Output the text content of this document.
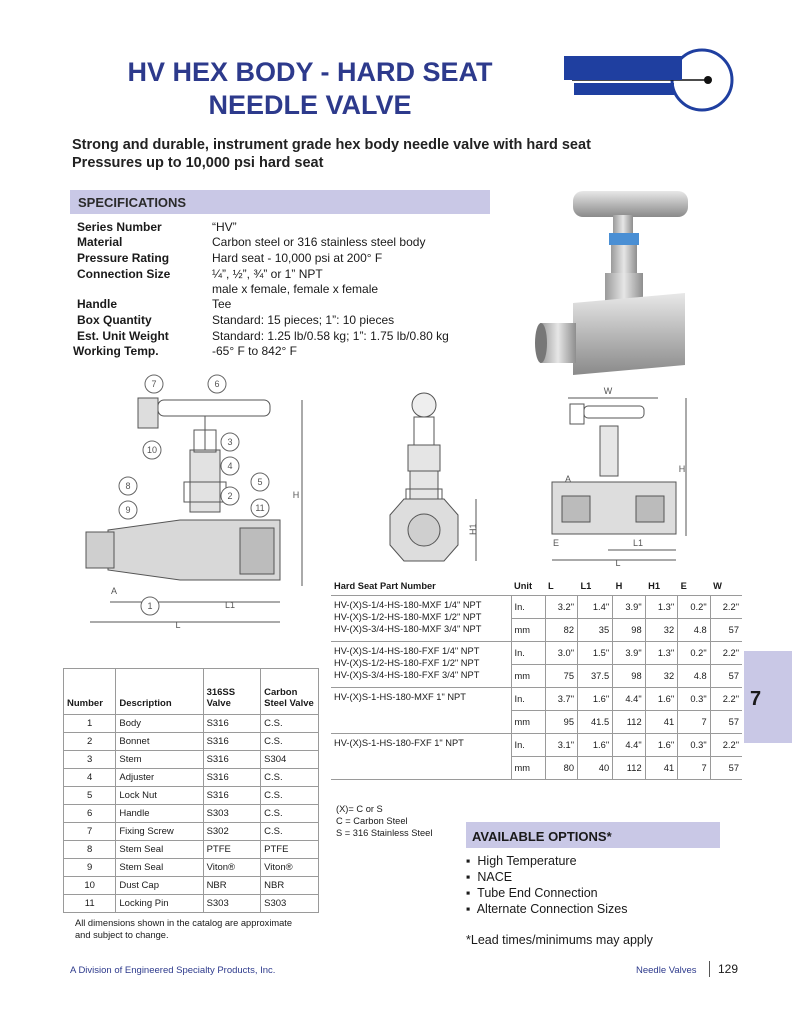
HV HEX BODY - HARD SEAT
NEEDLE VALVE
Strong and durable, instrument grade hex body needle valve with hard seat
Pressures up to 10,000 psi hard seat
SPECIFICATIONS
Series Number	“HV”
Material	Carbon steel or 316 stainless steel body
Pressure Rating	Hard seat - 10,000 psi at 200° F
Connection Size	¼”, ½”, ¾” or 1” NPT
male x female, female x female
Handle	Tee
Box Quantity	Standard: 15 pieces; 1”: 10 pieces
Est. Unit Weight	Standard: 1.25 lb/0.58 kg; 1”: 1.75 lb/0.80 kg
Working Temp.	-65° F to 842° F
7	6
3
10
4
8	5
2
9	11
1
H
L1
L
A
H1
W
H
A
E	L1
L
Hard Seat Part Number	Unit	L	L1	H	H1	E	W

HV-(X)S-1/4-HS-180-MXF 1/4" NPT
HV-(X)S-1/2-HS-180-MXF 1/2" NPT
HV-(X)S-3/4-HS-180-MXF 3/4" NPT	In.	3.2"	1.4"	3.9"	1.3"	0.2"	2.2"
	mm	82	35	98	32	4.8	57

HV-(X)S-1/4-HS-180-FXF 1/4" NPT
HV-(X)S-1/2-HS-180-FXF 1/2" NPT
HV-(X)S-3/4-HS-180-FXF 3/4" NPT	In.	3.0"	1.5"	3.9"	1.3"	0.2"	2.2"
	mm	75	37.5	98	32	4.8	57

HV-(X)S-1-HS-180-MXF 1" NPT	In.	3.7"	1.6"	4.4"	1.6"	0.3"	2.2"
	mm	95	41.5	112	41	7	57

HV-(X)S-1-HS-180-FXF 1" NPT	In.	3.1"	1.6"	4.4"	1.6"	0.3"	2.2"
	mm	80	40	112	41	7	57
(X)= C or S
C = Carbon Steel
S = 316 Stainless Steel
7
Number	Description	316SS Valve	Carbon Steel Valve
1	Body	S316	C.S.
2	Bonnet	S316	C.S.
3	Stem	S316	S304
4	Adjuster	S316	C.S.
5	Lock Nut	S316	C.S.
6	Handle	S303	C.S.
7	Fixing Screw	S302	C.S.
8	Stem Seal	PTFE	PTFE
9	Stem Seal	Viton®	Viton®
10	Dust Cap	NBR	NBR
11	Locking Pin	S303	S303
All dimensions shown in the catalog are approximate
and subject to change.
AVAILABLE OPTIONS*
▪ High Temperature
▪ NACE
▪ Tube End Connection
▪ Alternate Connection Sizes
*Lead times/minimums may apply
A Division of Engineered Specialty Products, Inc.	Needle Valves 129
